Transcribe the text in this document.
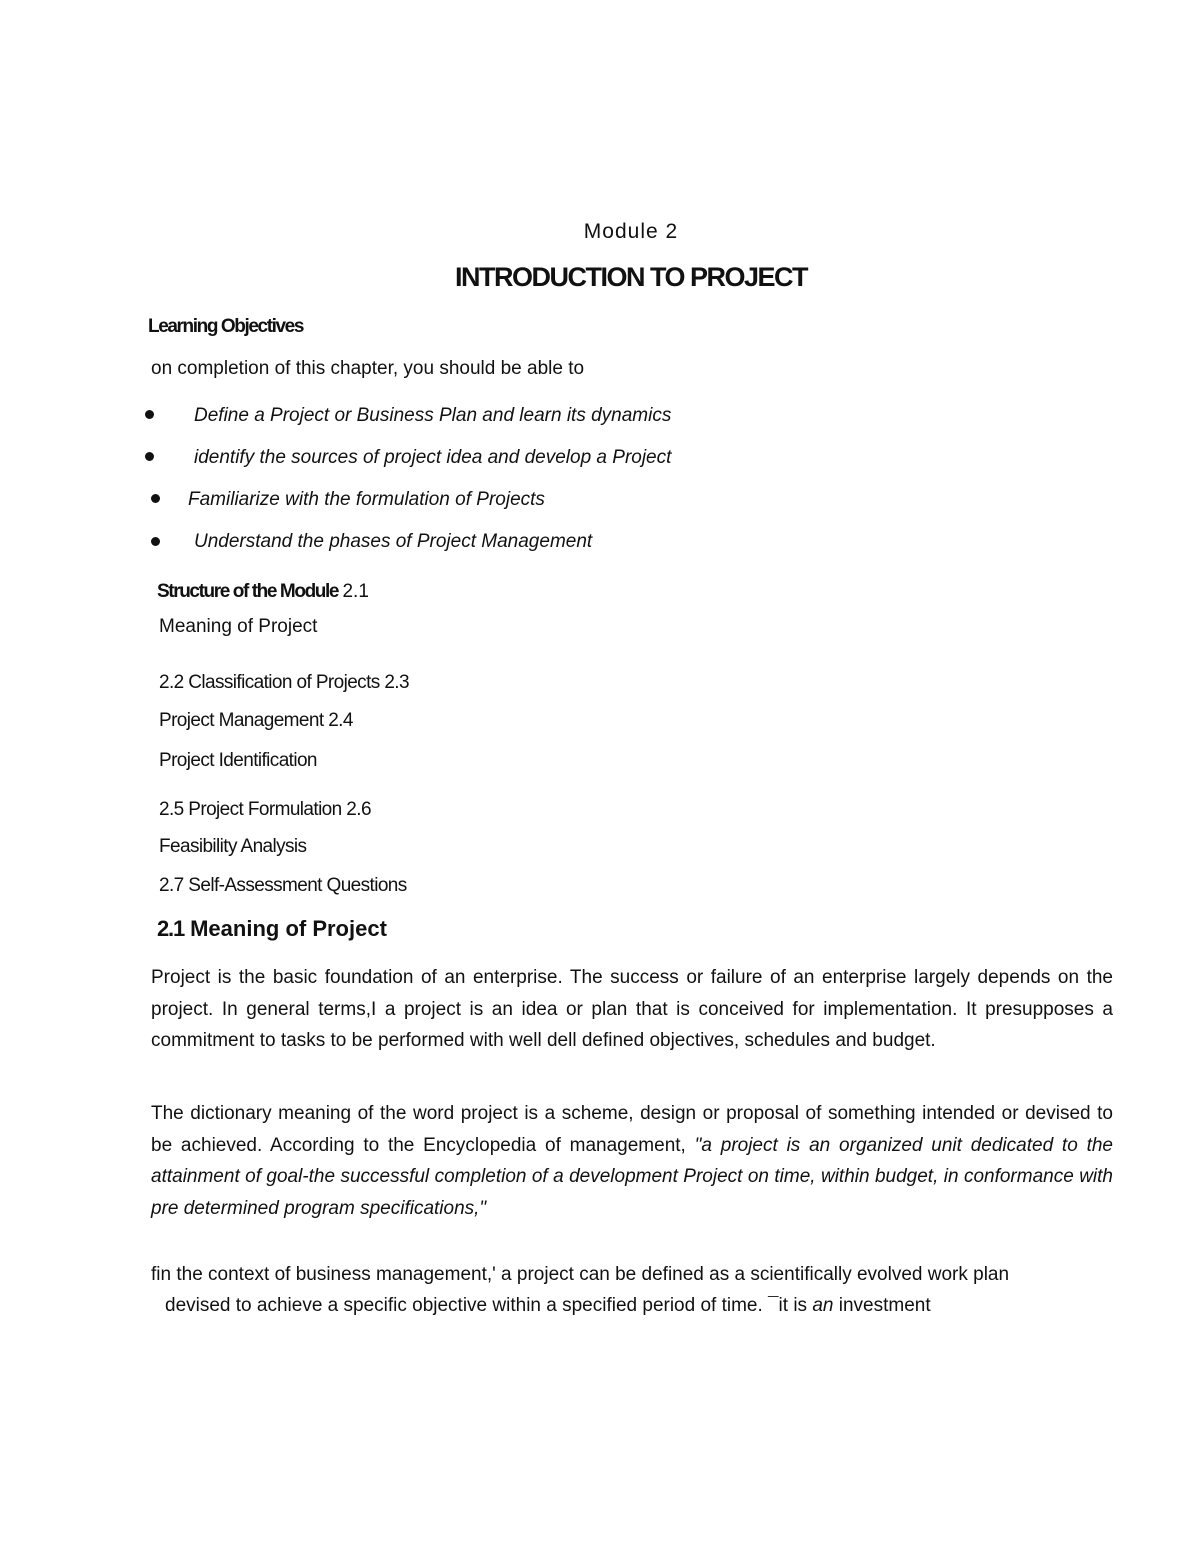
Module 2
INTRODUCTION TO PROJECT
Learning Objectives
on completion of this chapter, you should be able to
Define a Project or Business Plan and learn its dynamics
identify the sources of project idea and develop a Project
Familiarize with the formulation of Projects
Understand the phases of Project Management
Structure of the Module 2.1
Meaning of Project
2.2 Classification of Projects 2.3
Project Management 2.4
Project Identification
2.5 Project Formulation 2.6
Feasibility Analysis
2.7 Self-Assessment Questions
2.1 Meaning of Project
Project is the basic foundation of an enterprise. The success or failure of an enterprise largely depends on the project. In general terms,I a project is an idea or plan that is conceived for implementation. It presupposes a commitment to tasks to be performed with well dell defined objectives, schedules and budget.
The dictionary meaning of the word project is a scheme, design or proposal of something intended or devised to be achieved. According to the Encyclopedia of management, "a project is an organized unit dedicated to the attainment of goal-the successful completion of a development Project on time, within budget, in conformance with pre determined program specifications,"
fin the context of business management,' a project can be defined as a scientifically evolved work plan
devised to achieve a specific objective within a specified period of time. ¯it is an investment
